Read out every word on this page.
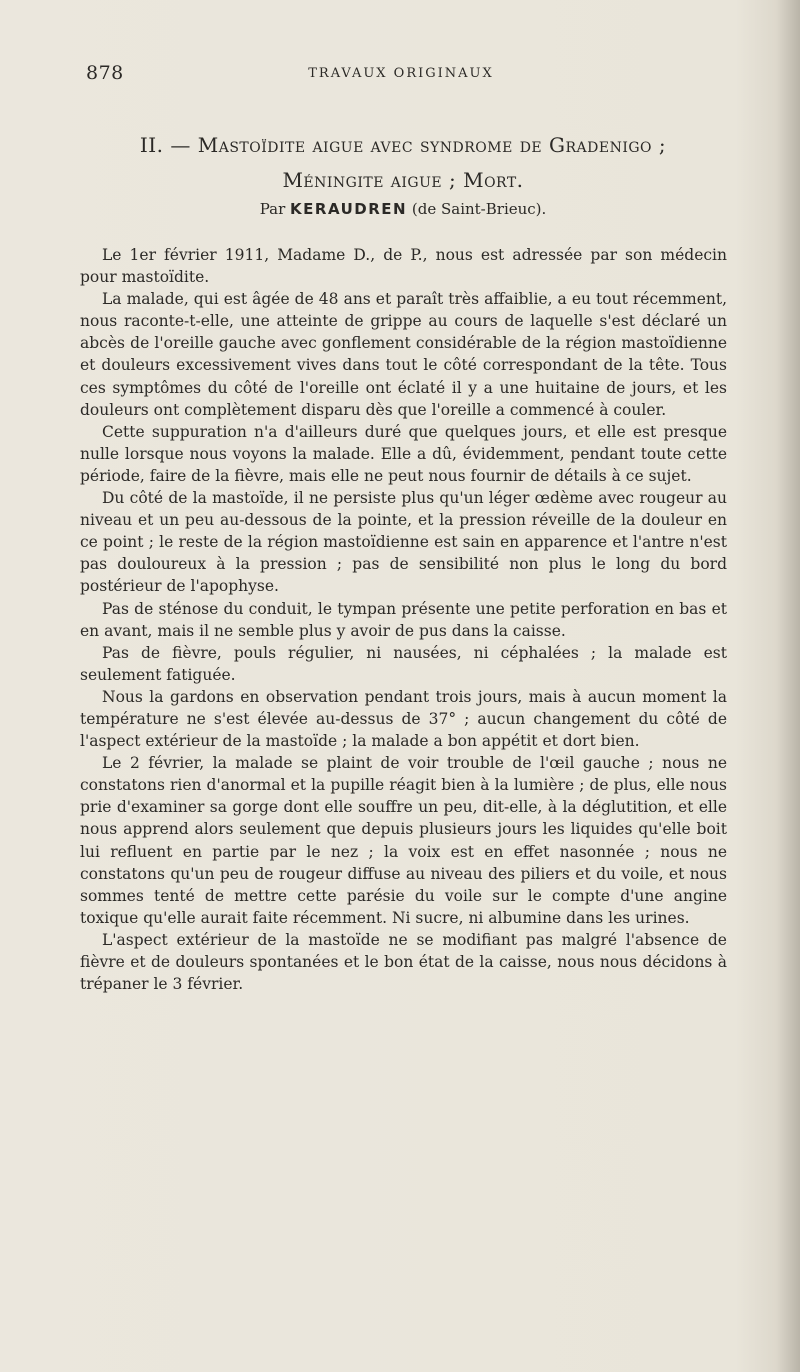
878	TRAVAUX ORIGINAUX
II. — Mastoïdite aigue avec syndrome de Gradenigo ;
Méningite aigue ; Mort.
Par KERAUDREN (de Saint-Brieuc).

Le 1er février 1911, Madame D., de P., nous est adressée par son médecin pour mastoïdite.

La malade, qui est âgée de 48 ans et paraît très affaiblie, a eu tout récemment, nous raconte-t-elle, une atteinte de grippe au cours de laquelle s'est déclaré un abcès de l'oreille gauche avec gonflement considérable de la région mastoïdienne et douleurs excessivement vives dans tout le côté correspondant de la tête. Tous ces symptômes du côté de l'oreille ont éclaté il y a une huitaine de jours, et les douleurs ont complètement disparu dès que l'oreille a commencé à couler.

Cette suppuration n'a d'ailleurs duré que quelques jours, et elle est presque nulle lorsque nous voyons la malade. Elle a dû, évidemment, pendant toute cette période, faire de la fièvre, mais elle ne peut nous fournir de détails à ce sujet.

Du côté de la mastoïde, il ne persiste plus qu'un léger œdème avec rougeur au niveau et un peu au-dessous de la pointe, et la pression réveille de la douleur en ce point ; le reste de la région mastoïdienne est sain en apparence et l'antre n'est pas douloureux à la pression ; pas de sensibilité non plus le long du bord postérieur de l'apophyse.

Pas de sténose du conduit, le tympan présente une petite perforation en bas et en avant, mais il ne semble plus y avoir de pus dans la caisse.

Pas de fièvre, pouls régulier, ni nausées, ni céphalées ; la malade est seulement fatiguée.

Nous la gardons en observation pendant trois jours, mais à aucun moment la température ne s'est élevée au-dessus de 37° ; aucun changement du côté de l'aspect extérieur de la mastoïde ; la malade a bon appétit et dort bien.

Le 2 février, la malade se plaint de voir trouble de l'œil gauche ; nous ne constatons rien d'anormal et la pupille réagit bien à la lumière ; de plus, elle nous prie d'examiner sa gorge dont elle souffre un peu, dit-elle, à la déglutition, et elle nous apprend alors seulement que depuis plusieurs jours les liquides qu'elle boit lui refluent en partie par le nez ; la voix est en effet nasonnée ; nous ne constatons qu'un peu de rougeur diffuse au niveau des piliers et du voile, et nous sommes tenté de mettre cette parésie du voile sur le compte d'une angine toxique qu'elle aurait faite récemment. Ni sucre, ni albumine dans les urines.

L'aspect extérieur de la mastoïde ne se modifiant pas malgré l'absence de fièvre et de douleurs spontanées et le bon état de la caisse, nous nous décidons à trépaner le 3 février.
